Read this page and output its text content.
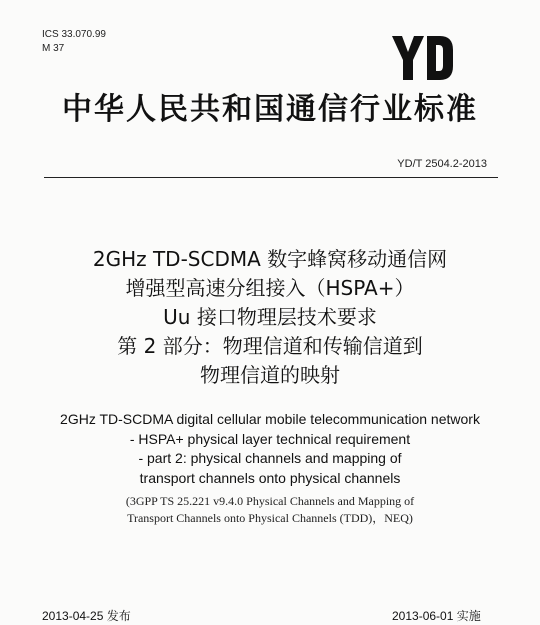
ICS 33.070.99
M 37
中华人民共和国通信行业标准
YD/T 2504.2-2013
2GHz TD-SCDMA 数字蜂窝移动通信网
增强型高速分组接入（HSPA+）
Uu 接口物理层技术要求
第 2 部分：物理信道和传输信道到
物理信道的映射
2GHz TD-SCDMA digital cellular mobile telecommunication network
- HSPA+ physical layer technical requirement
- part 2: physical channels and mapping of
transport channels onto physical channels
(3GPP TS 25.221 v9.4.0 Physical Channels and Mapping of
Transport Channels onto Physical Channels (TDD)，NEQ)
2013-04-25 发布	2013-06-01 实施
